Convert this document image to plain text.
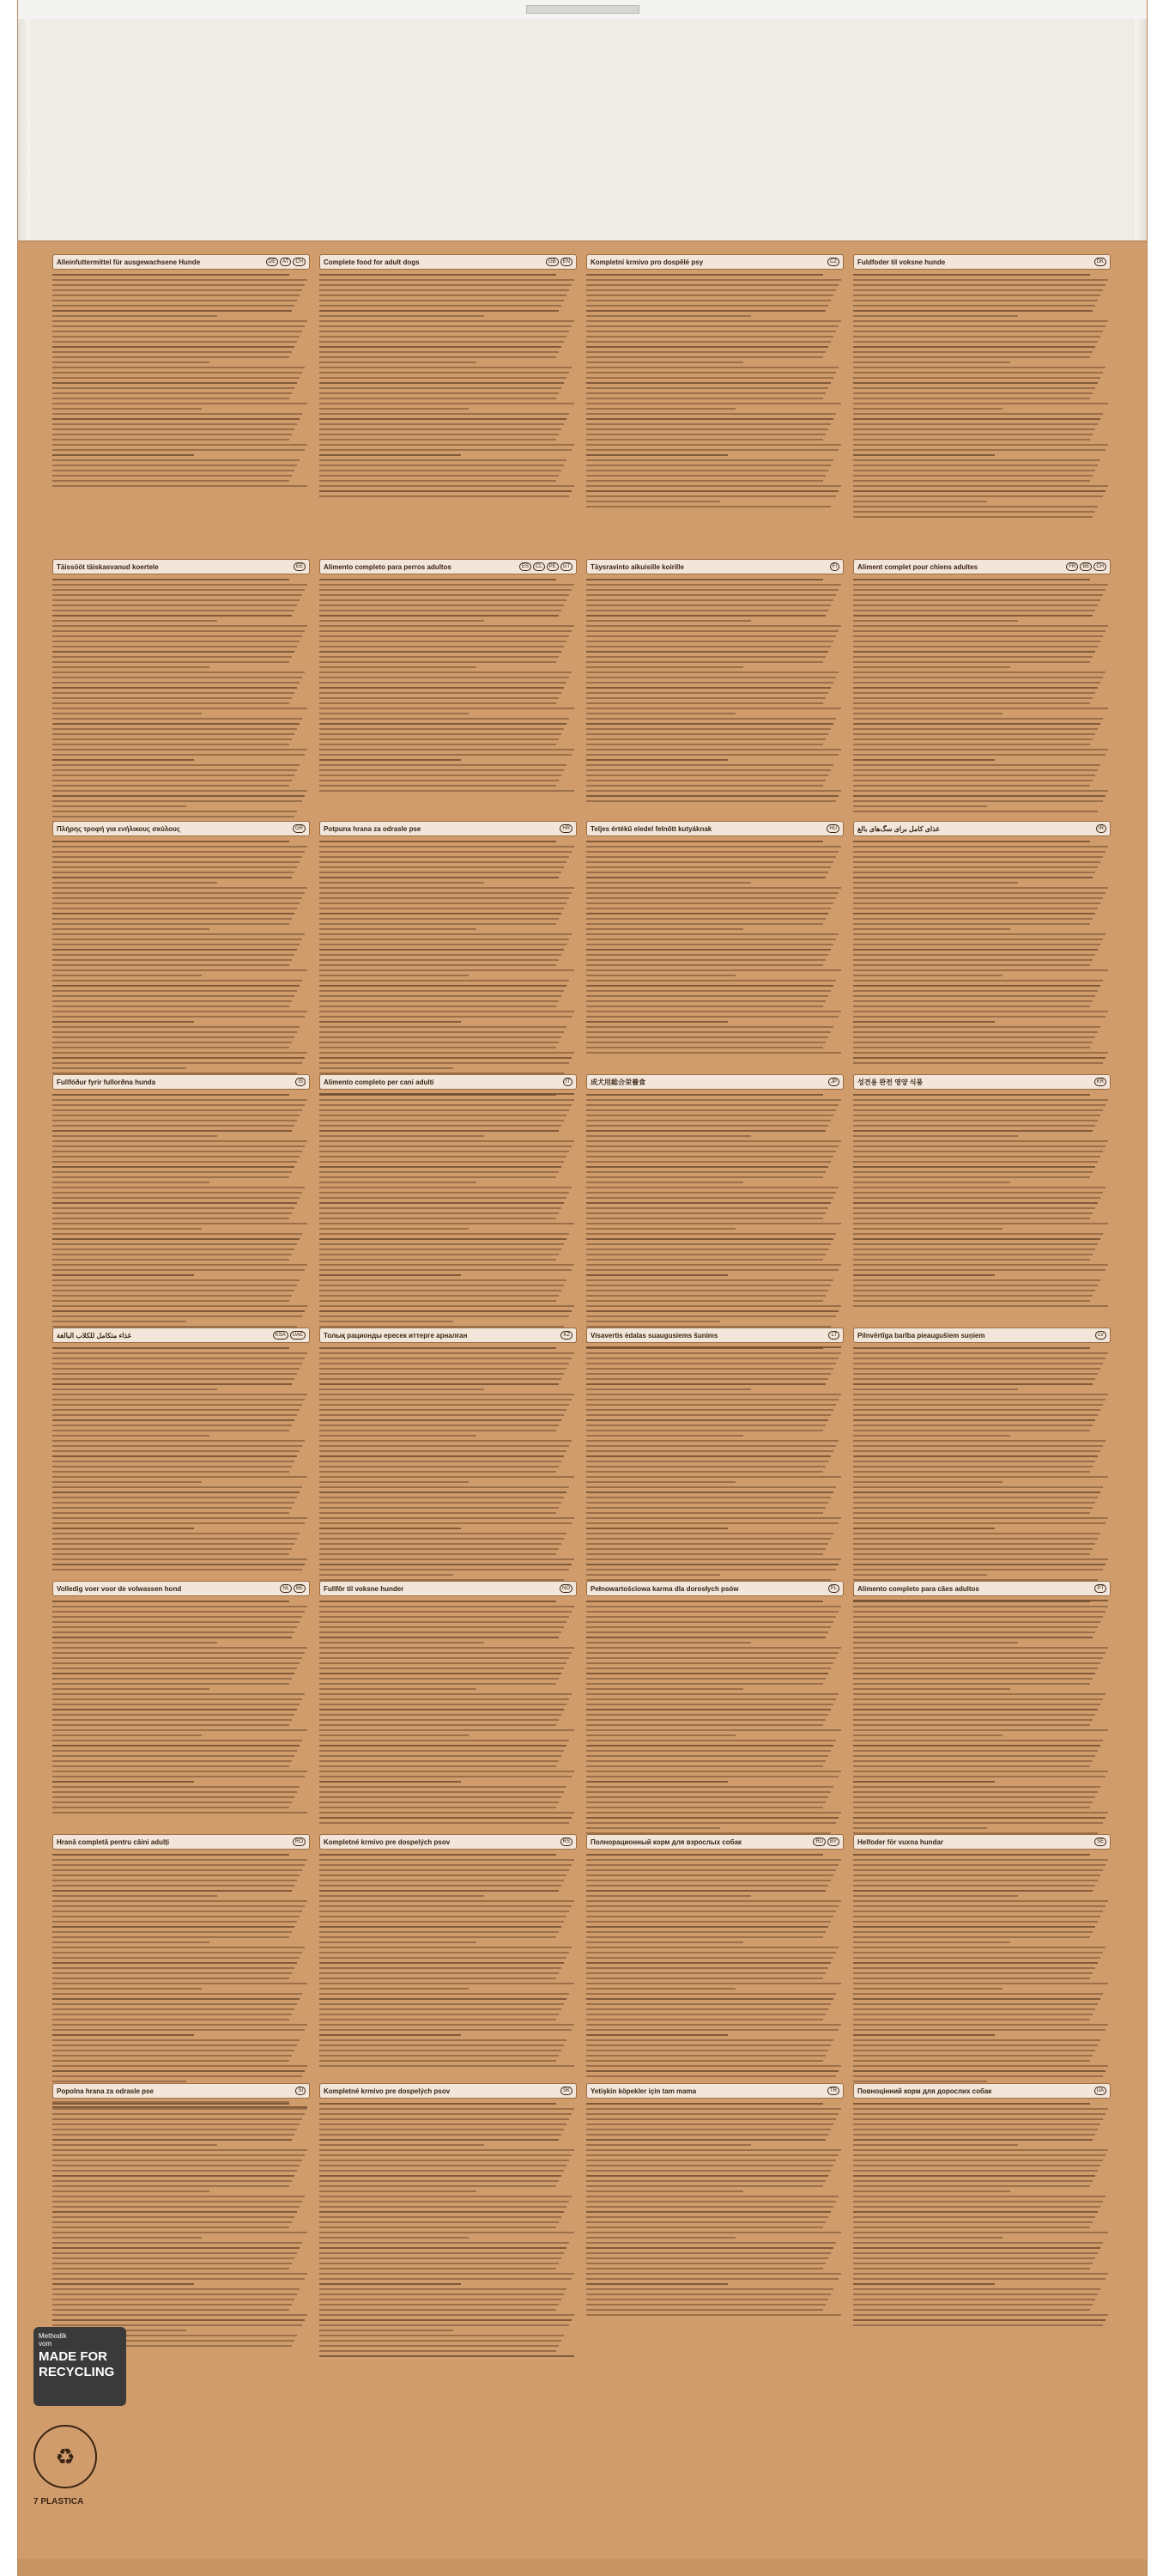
Alleinfuttermittel für ausgewachsene Hunde	DE	AT	CH	Complete food for adult dogs	GB	EN	Kompletní krmivo pro dospělé psy	CZ	Fuldfoder til voksne hunde	DK
Täissööt täiskasvanud koertele	EE	Alimento completo para perros adultos	ES	CL	PE	GT	Täysravinto aikuisille koirille	FI	Aliment complet pour chiens adultes	FR	BE	CH
Πλήρης τροφή για ενήλικους σκύλους	GR	Potpuna hrana za odrasle pse	HR	Teljes értékű eledel felnőtt kutyáknak	HU	غذای کامل برای سگ‌های بالغ	IR
Fullfóður fyrir fullorðna hunda	IS	Alimento completo per cani adulti	IT	成犬用総合栄養食	JP	성견용 완전 영양 식품	KR
غذاء متكامل للكلاب البالغة	KSA	UAE	Толық рационды ересек иттерге арналған	KZ	Visavertis ėdalas suaugusiems šunims	LT	Pilnvērtīga barība pieaugušiem suņiem	LV
Volledig voer voor de volwassen hond	NL	BE	Fullfôr til voksne hunder	NO	Pełnowartościowa karma dla dorosłych psów	PL	Alimento completo para cães adultos	PT
Hrană completă pentru câini adulți	RO	Kompletné krmivo pre dospelých psov	RS	Полнорационный корм для взрослых собак	RU	BY	Helfoder för vuxna hundar	SE
Popolna hrana za odrasle pse	SI	Kompletné krmivo pre dospelých psov	SK	Yetişkin köpekler için tam mama	TR	Повноцінний корм для дорослих собак	UA
Methodik
vom
MADE FOR
RECYCLING
♻
7 PLASTICA
